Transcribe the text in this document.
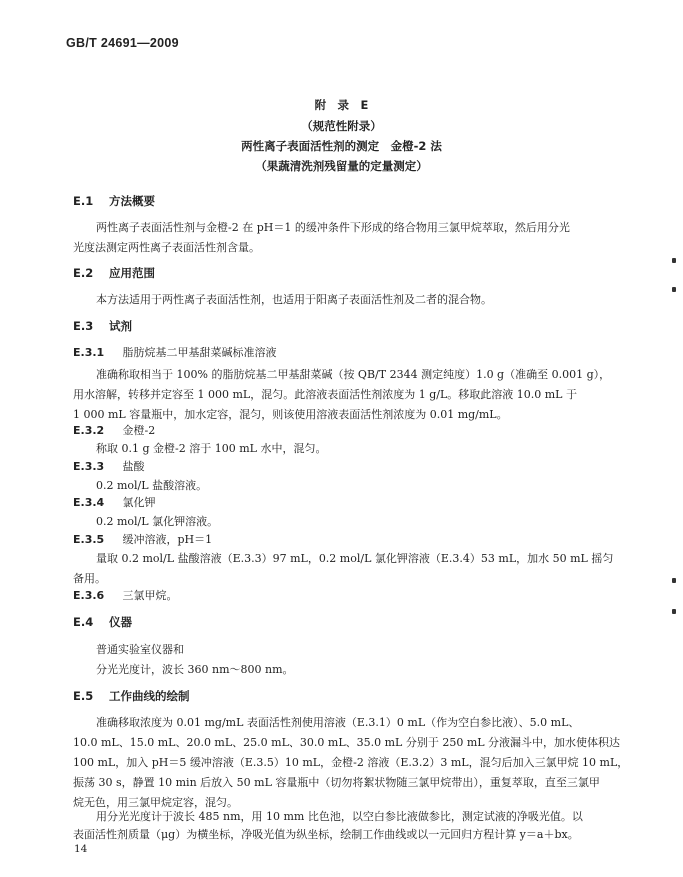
GB/T 24691—2009
附　录　E
（规范性附录）
两性离子表面活性剂的测定　金橙-2 法
（果蔬清洗剂残留量的定量测定）
E.1 方法概要
两性离子表面活性剂与金橙-2 在 pH＝1 的缓冲条件下形成的络合物用三氯甲烷萃取，然后用分光
光度法测定两性离子表面活性剂含量。
E.2 应用范围
本方法适用于两性离子表面活性剂，也适用于阳离子表面活性剂及二者的混合物。
E.3 试剂
E.3.1 脂肪烷基二甲基甜菜碱标准溶液
准确称取相当于 100% 的脂肪烷基二甲基甜菜碱（按 QB/T 2344 测定纯度）1.0 g（准确至 0.001 g），
用水溶解，转移并定容至 1 000 mL，混匀。此溶液表面活性剂浓度为 1 g/L。移取此溶液 10.0 mL 于
1 000 mL 容量瓶中，加水定容，混匀，则该使用溶液表面活性剂浓度为 0.01 mg/mL。
E.3.2 金橙-2
称取 0.1 g 金橙-2 溶于 100 mL 水中，混匀。
E.3.3 盐酸
0.2 mol/L 盐酸溶液。
E.3.4 氯化钾
0.2 mol/L 氯化钾溶液。
E.3.5 缓冲溶液，pH＝1
量取 0.2 mol/L 盐酸溶液（E.3.3）97 mL，0.2 mol/L 氯化钾溶液（E.3.4）53 mL，加水 50 mL 摇匀
备用。
E.3.6 三氯甲烷。
E.4 仪器
普通实验室仪器和
分光光度计，波长 360 nm～800 nm。
E.5 工作曲线的绘制
准确移取浓度为 0.01 mg/mL 表面活性剂使用溶液（E.3.1）0 mL（作为空白参比液）、5.0 mL、
10.0 mL、15.0 mL、20.0 mL、25.0 mL、30.0 mL、35.0 mL 分别于 250 mL 分液漏斗中，加水使体积达
100 mL，加入 pH＝5 缓冲溶液（E.3.5）10 mL，金橙-2 溶液（E.3.2）3 mL，混匀后加入三氯甲烷 10 mL，
振荡 30 s，静置 10 min 后放入 50 mL 容量瓶中（切勿将絮状物随三氯甲烷带出），重复萃取，直至三氯甲
烷无色，用三氯甲烷定容，混匀。
用分光光度计于波长 485 nm，用 10 mm 比色池，以空白参比液做参比，测定试液的净吸光值。以
表面活性剂质量（μg）为横坐标，净吸光值为纵坐标，绘制工作曲线或以一元回归方程计算 y＝a＋bx。
14
